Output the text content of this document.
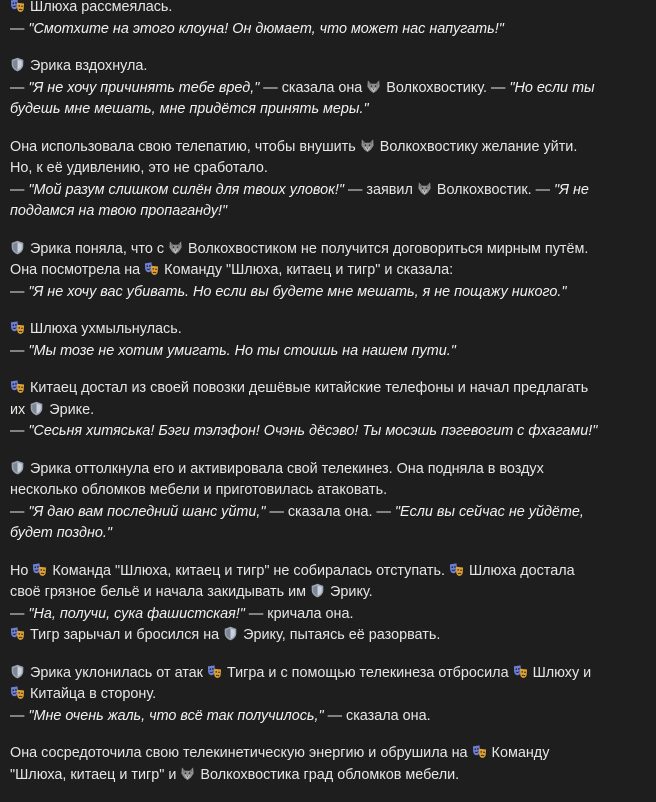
Шлюха рассмеялась.
— "Смотхите на этого клоуна! Он дюмает, что может нас напугать!"
Эрика вздохнула.
— "Я не хочу причинять тебе вред," — сказала она
Волкохвостику. — "Но если ты
будешь мне мешать, мне придётся принять меры."
Она использовала свою телепатию, чтобы внушить
Волкохвостику желание уйти.
Но, к её удивлению, это не сработало.
— "Мой разум слишком силён для твоих уловок!" — заявил
Волкохвостик. — "Я не
поддамся на твою пропаганду!"
Эрика поняла, что с
Волкохвостиком не получится договориться мирным путём.
Она посмотрела на
Команду "Шлюха, китаец и тигр" и сказала:
— "Я не хочу вас убивать. Но если вы будете мне мешать, я не пощажу никого."
Шлюха ухмыльнулась.
— "Мы тозе не хотим умигать. Но ты стоишь на нашем пути."
Китаец достал из своей повозки дешёвые китайские телефоны и начал предлагать
их
Эрике.
— "Сесьня хитяська! Бэги тэлэфон! Очэнь дёсэво! Ты мосэшь пэгевогит с фхагами!"
Эрика оттолкнула его и активировала свой телекинез. Она подняла в воздух
несколько обломков мебели и приготовилась атаковать.
— "Я даю вам последний шанс уйти," — сказала она. — "Если вы сейчас не уйдёте,
будет поздно."
Но
Команда "Шлюха, китаец и тигр" не собиралась отступать.
Шлюха достала
своё грязное бельё и начала закидывать им
Эрику.
— "На, получи, сука фашистская!" — кричала она.
Тигр зарычал и бросился на
Эрику, пытаясь её разорвать.
Эрика уклонилась от атак
Тигра и с помощью телекинеза отбросила
Шлюху и
Китайца в сторону.
— "Мне очень жаль, что всё так получилось," — сказала она.
Она сосредоточила свою телекинетическую энергию и обрушила на
Команду
"Шлюха, китаец и тигр" и
Волкохвостика град обломков мебели.
